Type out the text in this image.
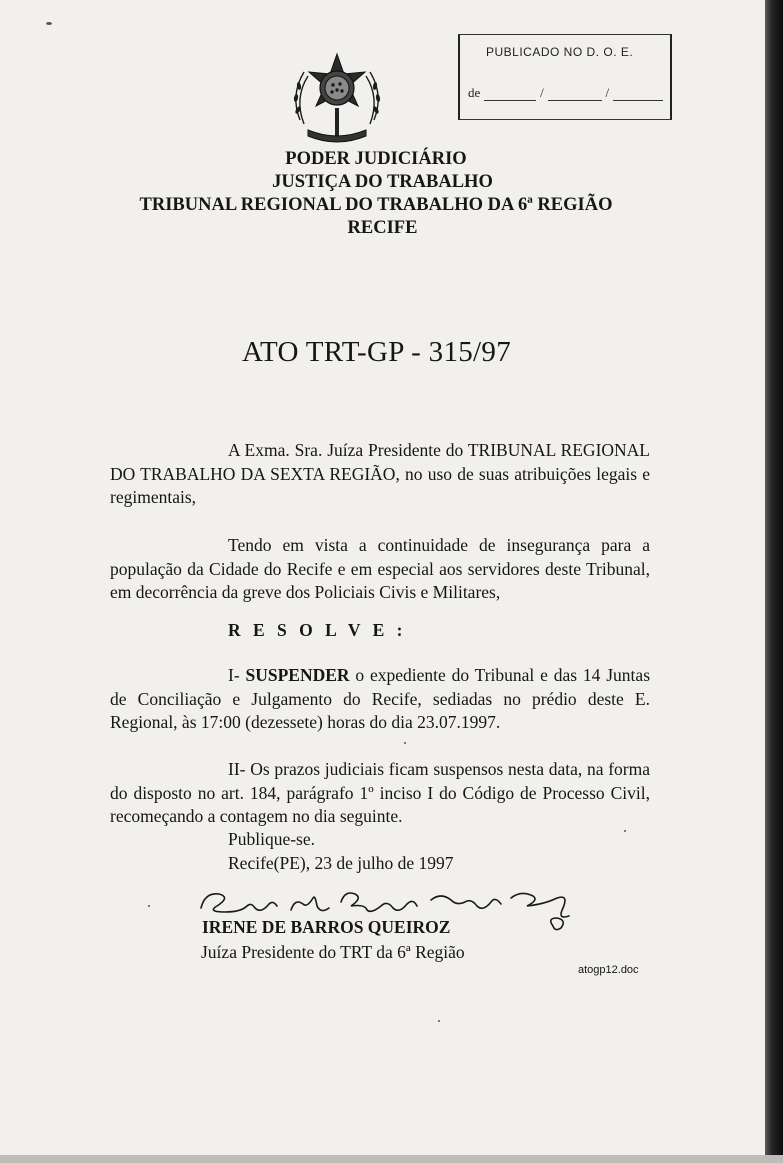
PUBLICADO NO D. O. E.
de	/	/
PODER JUDICIÁRIO
JUSTIÇA DO TRABALHO
TRIBUNAL REGIONAL DO TRABALHO DA 6ª REGIÃO
RECIFE
ATO TRT-GP - 315/97
A Exma. Sra. Juíza Presidente do TRIBUNAL REGIONAL DO TRABALHO DA SEXTA REGIÃO, no uso de suas atribuições legais e regimentais,
Tendo em vista a continuidade de insegurança para a população da Cidade do Recife e em especial aos servidores deste Tribunal, em decorrência da greve dos Policiais Civis e Militares,
R E S O L V E :
I- SUSPENDER o expediente do Tribunal e das 14 Juntas de Conciliação e Julgamento do Recife, sediadas no prédio deste E. Regional, às 17:00 (dezessete) horas do dia 23.07.1997.
II- Os prazos judiciais ficam suspensos nesta data, na forma do disposto no art. 184, parágrafo 1º inciso I do Código de Processo Civil, recomeçando a contagem no dia seguinte.
Publique-se.
Recife(PE), 23 de julho de 1997
IRENE DE BARROS QUEIROZ
Juíza Presidente do TRT da 6ª Região
atogp12.doc
